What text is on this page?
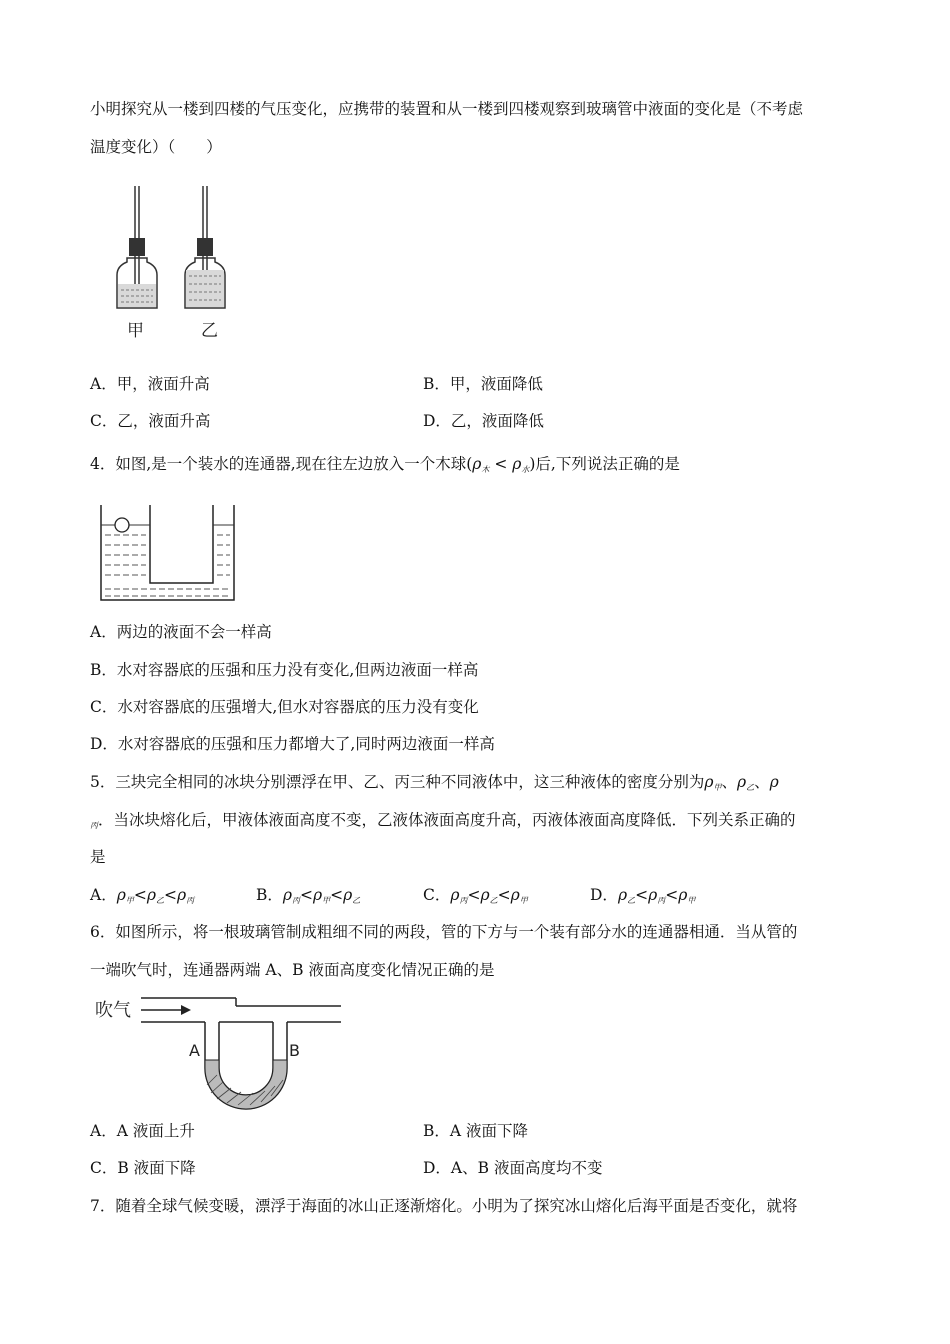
小明探究从一楼到四楼的气压变化，应携带的装置和从一楼到四楼观察到玻璃管中液面的变化是（不考虑
温度变化）（　　）
甲	乙
A．甲，液面升高	B．甲，液面降低
C．乙，液面升高	D．乙，液面降低
4．如图,是一个装水的连通器,现在往左边放入一个木球$(\rho_木 < \rho_水)$后,下列说法正确的是
A．两边的液面不会一样高
B．水对容器底的压强和压力没有变化,但两边液面一样高
C．水对容器底的压强增大,但水对容器底的压力没有变化
D．水对容器底的压强和压力都增大了,同时两边液面一样高
5．三块完全相同的冰块分别漂浮在甲、乙、丙三种不同液体中，这三种液体的密度分别为$\rho_甲$、$\rho_乙$、ρ
$_丙$．当冰块熔化后，甲液体液面高度不变，乙液体液面高度升高，丙液体液面高度降低．下列关系正确的
是
A．$\rho_甲<\rho_乙<\rho_丙$	B．$\rho_丙<\rho_甲<\rho_乙$	C．$\rho_丙<\rho_乙<\rho_甲$	D．$\rho_乙<\rho_丙<\rho_甲$
6．如图所示，将一根玻璃管制成粗细不同的两段，管的下方与一个装有部分水的连通器相通．当从管的
一端吹气时，连通器两端 A、B 液面高度变化情况正确的是
吹气
A	B
A．A 液面上升	B．A 液面下降
C．B 液面下降	D．A、B 液面高度均不变
7．随着全球气候变暖，漂浮于海面的冰山正逐渐熔化。小明为了探究冰山熔化后海平面是否变化，就将
